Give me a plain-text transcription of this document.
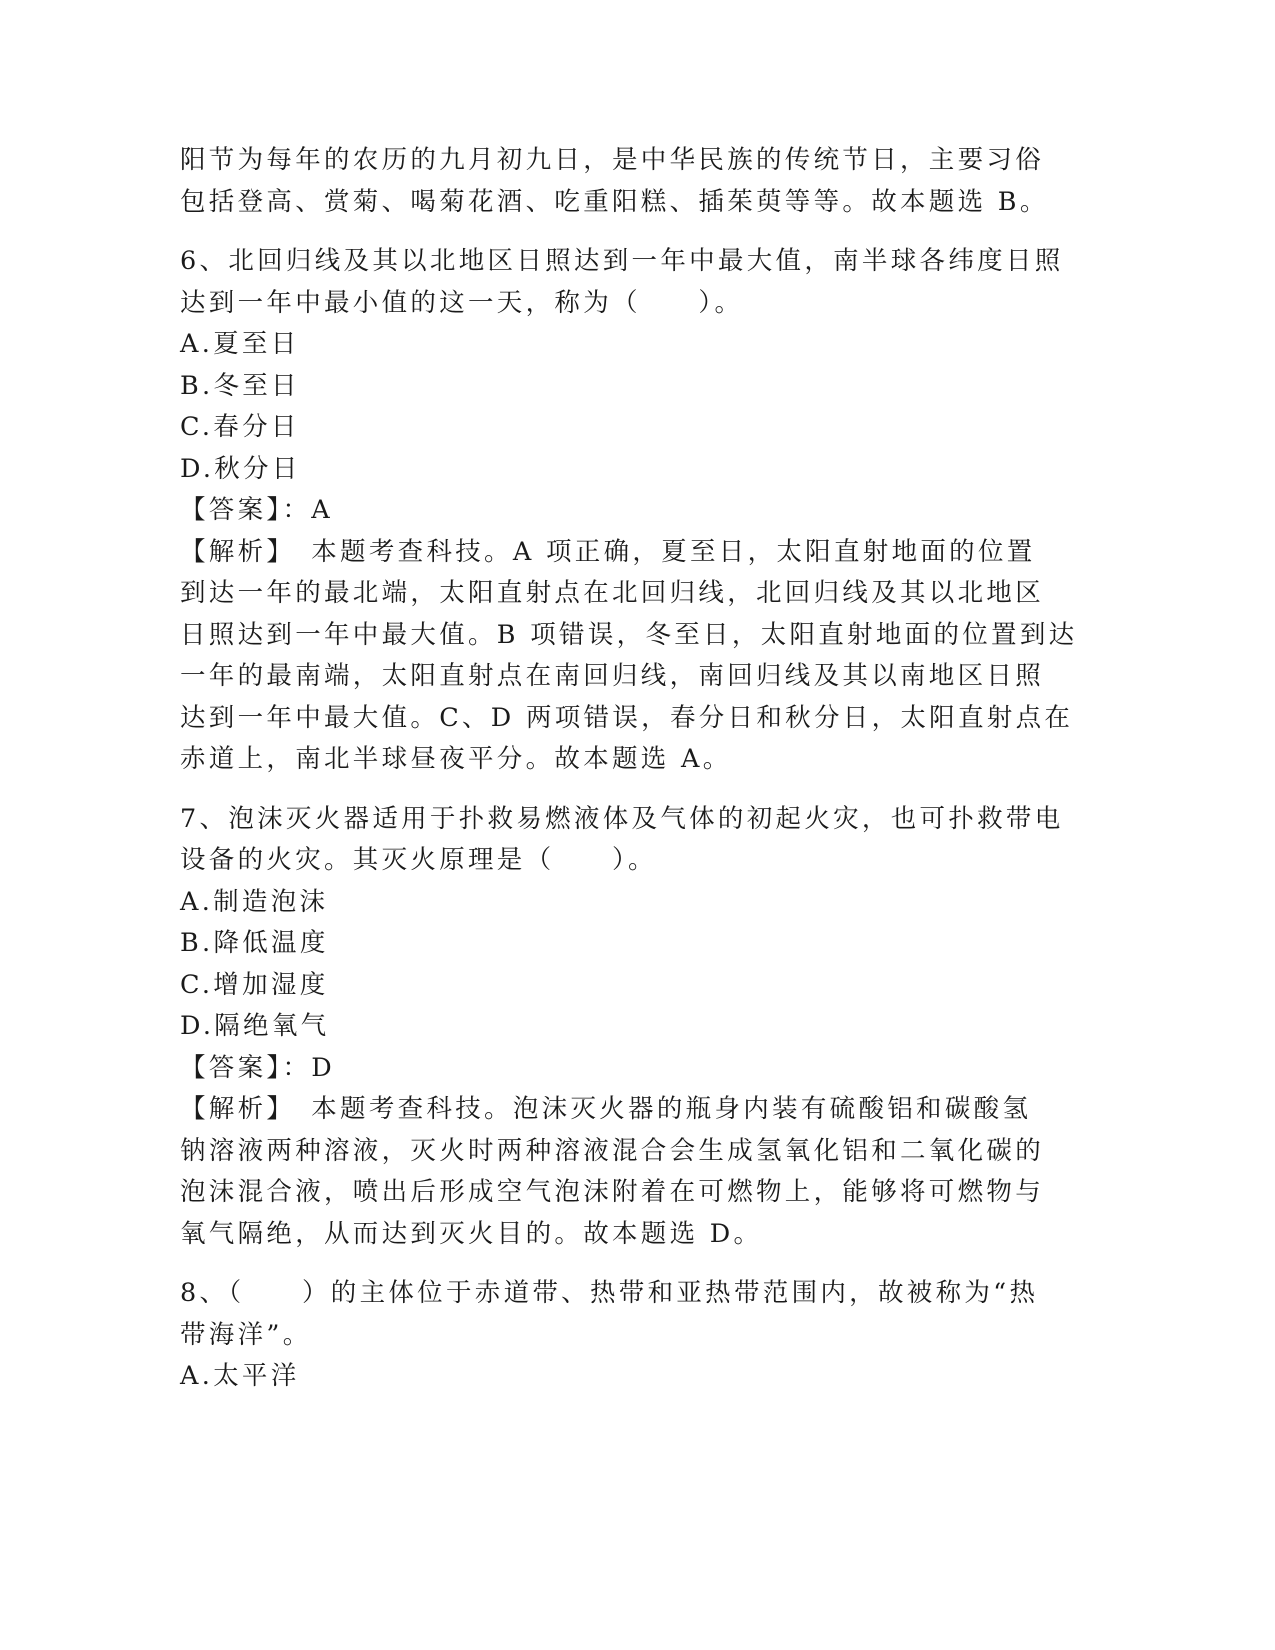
阳节为每年的农历的九月初九日，是中华民族的传统节日，主要习俗
包括登高、赏菊、喝菊花酒、吃重阳糕、插茱萸等等。故本题选 B。
6、北回归线及其以北地区日照达到一年中最大值，南半球各纬度日照
达到一年中最小值的这一天，称为（　　）。
A.夏至日
B.冬至日
C.春分日
D.秋分日
【答案】：A
【解析】　本题考查科技。A 项正确，夏至日，太阳直射地面的位置
到达一年的最北端，太阳直射点在北回归线，北回归线及其以北地区
日照达到一年中最大值。B 项错误，冬至日，太阳直射地面的位置到达
一年的最南端，太阳直射点在南回归线，南回归线及其以南地区日照
达到一年中最大值。C、D 两项错误，春分日和秋分日，太阳直射点在
赤道上，南北半球昼夜平分。故本题选 A。
7、泡沫灭火器适用于扑救易燃液体及气体的初起火灾，也可扑救带电
设备的火灾。其灭火原理是（　　）。
A.制造泡沫
B.降低温度
C.增加湿度
D.隔绝氧气
【答案】：D
【解析】　本题考查科技。泡沫灭火器的瓶身内装有硫酸铝和碳酸氢
钠溶液两种溶液，灭火时两种溶液混合会生成氢氧化铝和二氧化碳的
泡沫混合液，喷出后形成空气泡沫附着在可燃物上，能够将可燃物与
氧气隔绝，从而达到灭火目的。故本题选 D。
8、（　　）的主体位于赤道带、热带和亚热带范围内，故被称为“热
带海洋”。
A.太平洋
